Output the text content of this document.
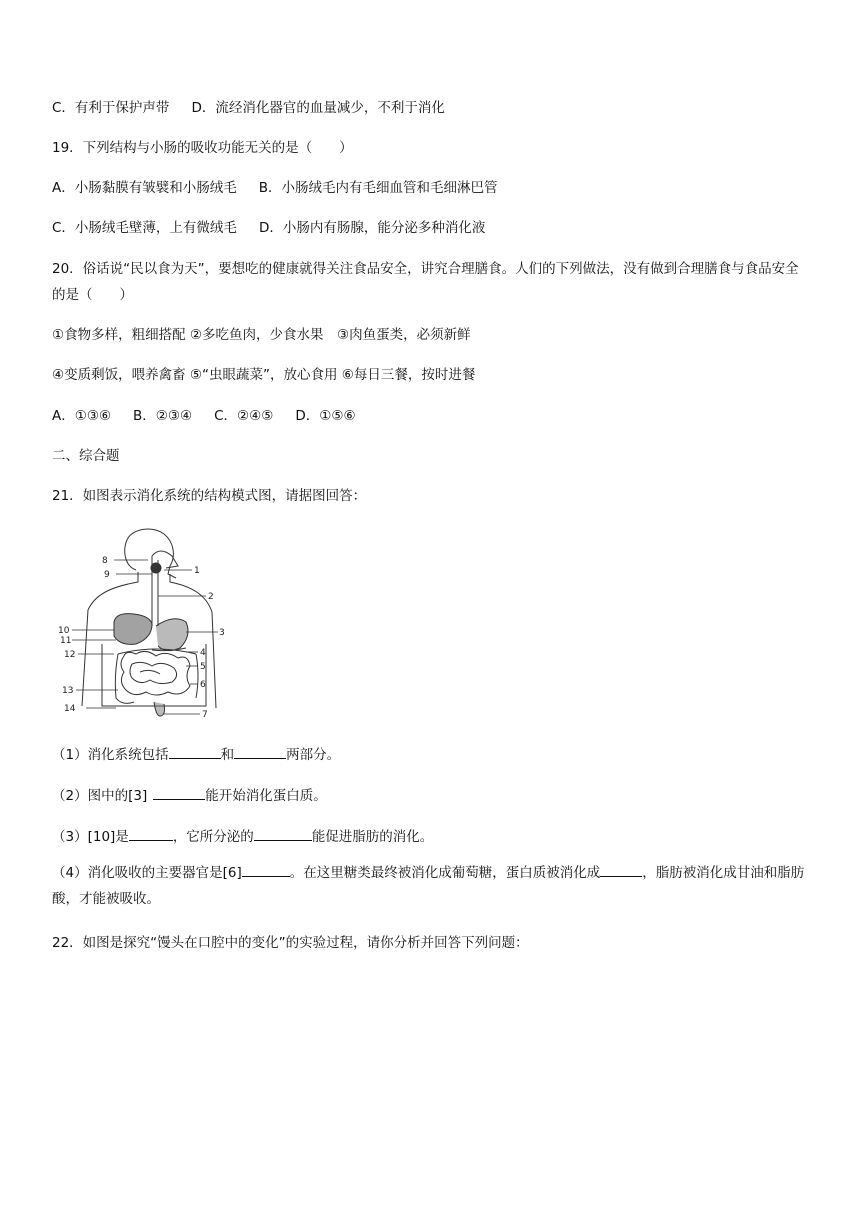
C．有利于保护声带 D．流经消化器官的血量减少，不利于消化
19．下列结构与小肠的吸收功能无关的是（　　）
A．小肠黏膜有皱襞和小肠绒毛 B．小肠绒毛内有毛细血管和毛细淋巴管
C．小肠绒毛壁薄，上有微绒毛 D．小肠内有肠腺，能分泌多种消化液
20．俗话说“民以食为天”，要想吃的健康就得关注食品安全，讲究合理膳食。人们的下列做法，没有做到合理膳食与食品安全的是（　　）
①食物多样，粗细搭配 ②多吃鱼肉，少食水果　③肉鱼蛋类，必须新鲜
④变质剩饭，喂养禽畜 ⑤“虫眼蔬菜”，放心食用 ⑥每日三餐，按时进餐
A．①③⑥ B．②③④ C．②④⑤ D．①⑤⑥
二、综合题
21．如图表示消化系统的结构模式图，请据图回答：
8
9	1
2
10
11
3
12	4
5
6
13
14
7
（1）消化系统包括	和	两部分。
（2）图中的[3]	能开始消化蛋白质。
（3）[10]是	，它所分泌的	能促进脂肪的消化。
（4）消化吸收的主要器官是[6]	。在这里糖类最终被消化成葡萄糖，蛋白质被消化成	，脂肪被消化成甘油和脂肪酸，才能被吸收。
22．如图是探究“馒头在口腔中的变化”的实验过程，请你分析并回答下列问题：
